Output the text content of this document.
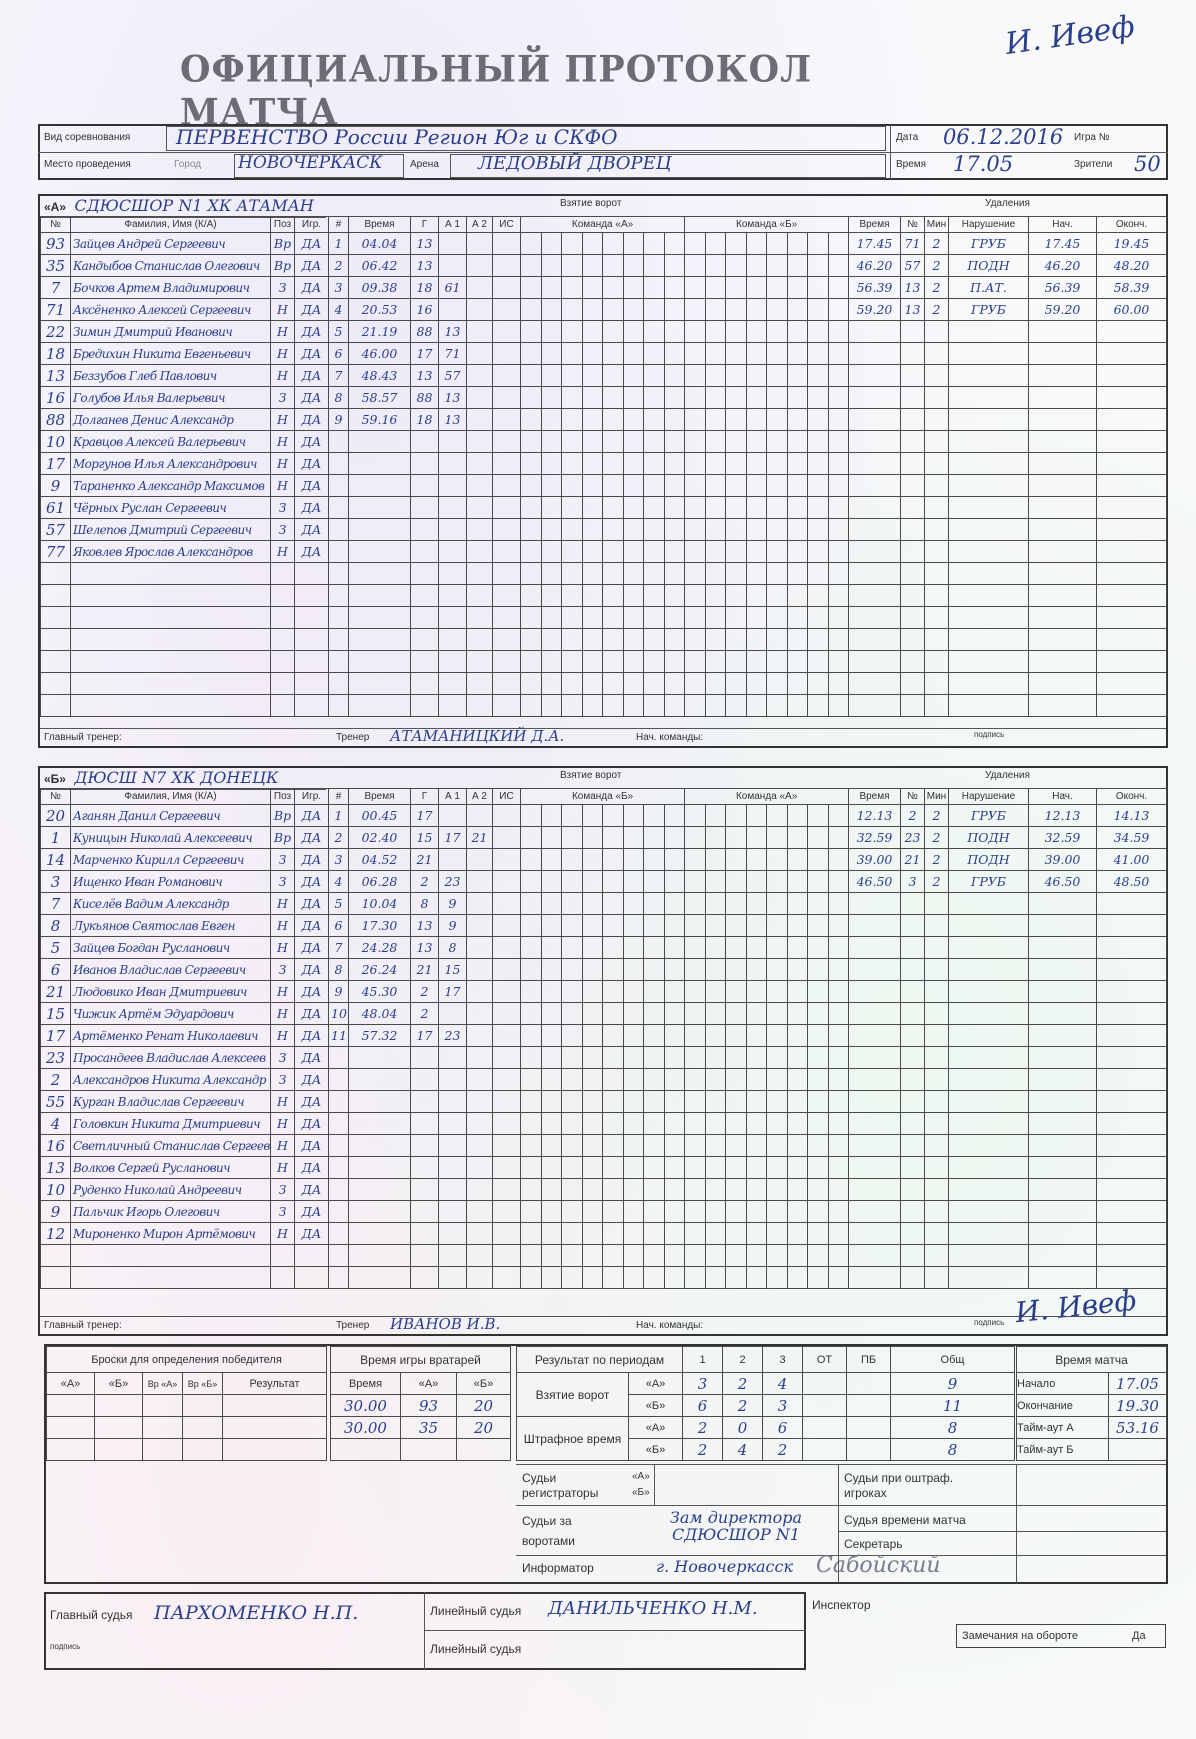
ОФИЦИАЛЬНЫЙ ПРОТОКОЛ МАТЧА
И. Ивеф
Вид соревнования ПЕРВЕНСТВО России Регион Юг и СКФО
Место проведения	Город НОВОЧЕРКАСК	Арена ЛЕДОВЫЙ ДВОРЕЦ
Дата 06.12.2016 Игра №
Время 17.05	Зрители 50
«А» СДЮСШОР N1 ХК АТАМАН
№	Фамилия, Имя (К/А)	Поз	Игр.
93	Зайцев Андрей Сергеевич	Вр	ДА
35	Кандыбов Станислав Олегович	Вр	ДА
7	Бочков Артем Владимирович	З	ДА
71	Аксёненко Алексей Сергеевич	Н	ДА
22	Зимин Дмитрий Иванович	Н	ДА
18	Бредихин Никита Евгеньевич	Н	ДА
13	Беззубов Глеб Павлович	Н	ДА
16	Голубов Илья Валерьевич	З	ДА
88	Долганев Денис Александр	Н	ДА
10	Кравцов Алексей Валерьевич	Н	ДА
17	Моргунов Илья Александрович	Н	ДА
9	Тараненко Александр Максимов	Н	ДА
61	Чёрных Руслан Сергеевич	З	ДА
57	Шелепов Дмитрий Сергеевич	З	ДА
77	Яковлев Ярослав Александров	Н	ДА

#	Время	Г	А 1	А 2	ИС
1	04.04	13			
2	06.42	13			
3	09.38	18	61		
4	20.53	16			
5	21.19	88	13		
6	46.00	17	71		
7	48.43	13	57		
8	58.57	88	13		
9	59.16	18	13		

Взятие ворот
Команда «А»								Команда «Б»							

Удаления
Время	№	Мин	Нарушение	Нач.	Оконч.
17.45	71	2	ГРУБ	17.45	19.45
46.20	57	2	ПОДН	46.20	48.20
56.39	13	2	П.АТ.	56.39	58.39
59.20	13	2	ГРУБ	59.20	60.00

Главный тренер:	Тренер АТАМАНИЦКИЙ Д.А.	Нач. команды:	подпись
«Б» ДЮСШ N7 ХК ДОНЕЦК
№	Фамилия, Имя (К/А)	Поз	Игр.
20	Аганян Данил Сергеевич	Вр	ДА
1	Куницын Николай Алексеевич	Вр	ДА
14	Марченко Кирилл Сергеевич	З	ДА
3	Ищенко Иван Романович	З	ДА
7	Киселёв Вадим Александр	Н	ДА
8	Лукьянов Святослав Евген	Н	ДА
5	Зайцев Богдан Русланович	Н	ДА
6	Иванов Владислав Сергеевич	З	ДА
21	Людовико Иван Дмитриевич	Н	ДА
15	Чижик Артём Эдуардович	Н	ДА
17	Артёменко Ренат Николаевич	Н	ДА
23	Просандеев Владислав Алексеев	З	ДА
2	Александров Никита Александр	З	ДА
55	Курган Владислав Сергеевич	Н	ДА
4	Головкин Никита Дмитриевич	Н	ДА
16	Светличный Станислав Сергеев	Н	ДА
13	Волков Сергей Русланович	Н	ДА
10	Руденко Николай Андреевич	З	ДА
9	Пальчик Игорь Олегович	З	ДА
12	Мироненко Мирон Артёмович	Н	ДА

#	Время	Г	А 1	А 2	ИС
1	00.45	17			
2	02.40	15	17	21	
3	04.52	21			
4	06.28	2	23		
5	10.04	8	9		
6	17.30	13	9		
7	24.28	13	8		
8	26.24	21	15		
9	45.30	2	17		
10	48.04	2			
11	57.32	17	23		

Взятие ворот
Команда «Б»								Команда «А»							

Удаления
Время	№	Мин	Нарушение	Нач.	Оконч.
12.13	2	2	ГРУБ	12.13	14.13
32.59	23	2	ПОДН	32.59	34.59
39.00	21	2	ПОДН	39.00	41.00
46.50	3	2	ГРУБ	46.50	48.50

Главный тренер:	Тренер ИВАНОВ И.В.	Нач. команды:	подпись И. Ивеф
Броски для определения победителя				
«А»	«Б»	Вр «А»	Вр «Б»	Результат

Время игры вратарей		
Время	«А»	«Б»
30.00	93	20
30.00	35	20

Результат по периодам		1	2	3	ОТ	ПБ	Общ
Взятие ворот	«А»	3	2	4			9
	«Б»	6	2	3			11
Штрафное время	«А»	2	0	6			8
	«Б»	2	4	2			8
Время матча	
Начало	17.05
Окончание	19.30
Тайм-аут А	53.16
Тайм-аут Б	
Судьи регистраторы
«А»
«Б»
Судьи за воротами
Зам директора СДЮСШОР N1
Информатор	г. Новочеркасск Сабойский
Судьи при оштраф. игроках
Судья времени матча
Секретарь
Главный судья ПАРХОМЕНКО Н.П.
подпись
Линейный судья ДАНИЛЬЧЕНКО Н.М.
Линейный судья
Инспектор
Замечания на обороте	Да
